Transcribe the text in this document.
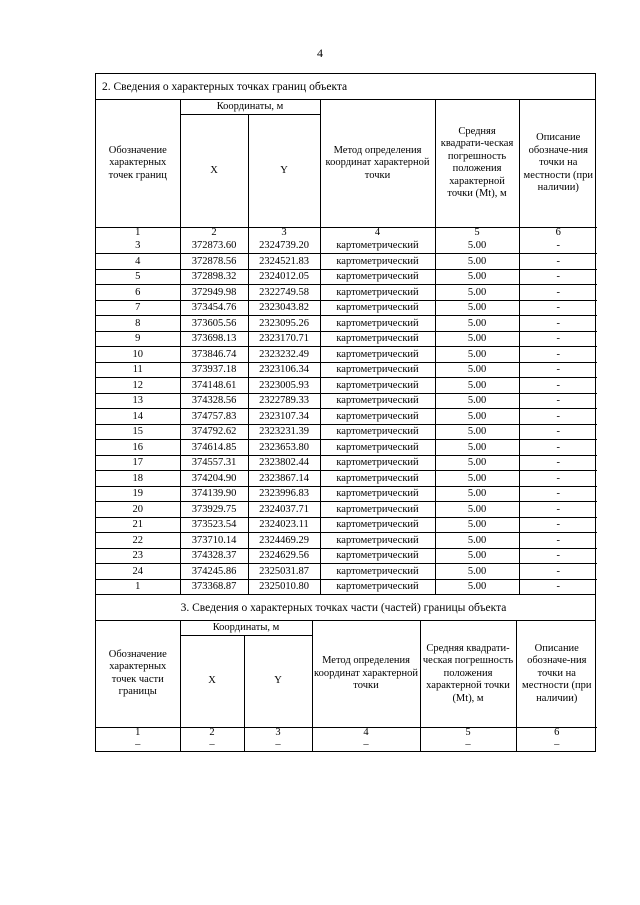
4
2. Сведения о характерных точках границ объекта
Обозначение характерных точек границ	Координаты, м		Метод определения координат характерной точки	Средняя квадрати-ческая погрешность положения характерной точки (Mt), м	Описание обозначе-ния точки на местности (при наличии)

	X	Y			
1	2	3	4	5	6
3	372873.60	2324739.20	картометрический	5.00	-
4	372878.56	2324521.83	картометрический	5.00	-
5	372898.32	2324012.05	картометрический	5.00	-
6	372949.98	2322749.58	картометрический	5.00	-
7	373454.76	2323043.82	картометрический	5.00	-
8	373605.56	2323095.26	картометрический	5.00	-
9	373698.13	2323170.71	картометрический	5.00	-
10	373846.74	2323232.49	картометрический	5.00	-
11	373937.18	2323106.34	картометрический	5.00	-
12	374148.61	2323005.93	картометрический	5.00	-
13	374328.56	2322789.33	картометрический	5.00	-
14	374757.83	2323107.34	картометрический	5.00	-
15	374792.62	2323231.39	картометрический	5.00	-
16	374614.85	2323653.80	картометрический	5.00	-
17	374557.31	2323802.44	картометрический	5.00	-
18	374204.90	2323867.14	картометрический	5.00	-
19	374139.90	2323996.83	картометрический	5.00	-
20	373929.75	2324037.71	картометрический	5.00	-
21	373523.54	2324023.11	картометрический	5.00	-
22	373710.14	2324469.29	картометрический	5.00	-
23	374328.37	2324629.56	картометрический	5.00	-
24	374245.86	2325031.87	картометрический	5.00	-
1	373368.87	2325010.80	картометрический	5.00	-
3. Сведения о характерных точках части (частей) границы объекта
Обозначение характерных точек части границы	Координаты, м		Метод определения координат характерной точки	Средняя квадрати-ческая погрешность положения характерной точки (Mt), м	Описание обозначе-ния точки на местности (при наличии)

	X	Y			
1	2	3	4	5	6
–	–	–	–	–	–
